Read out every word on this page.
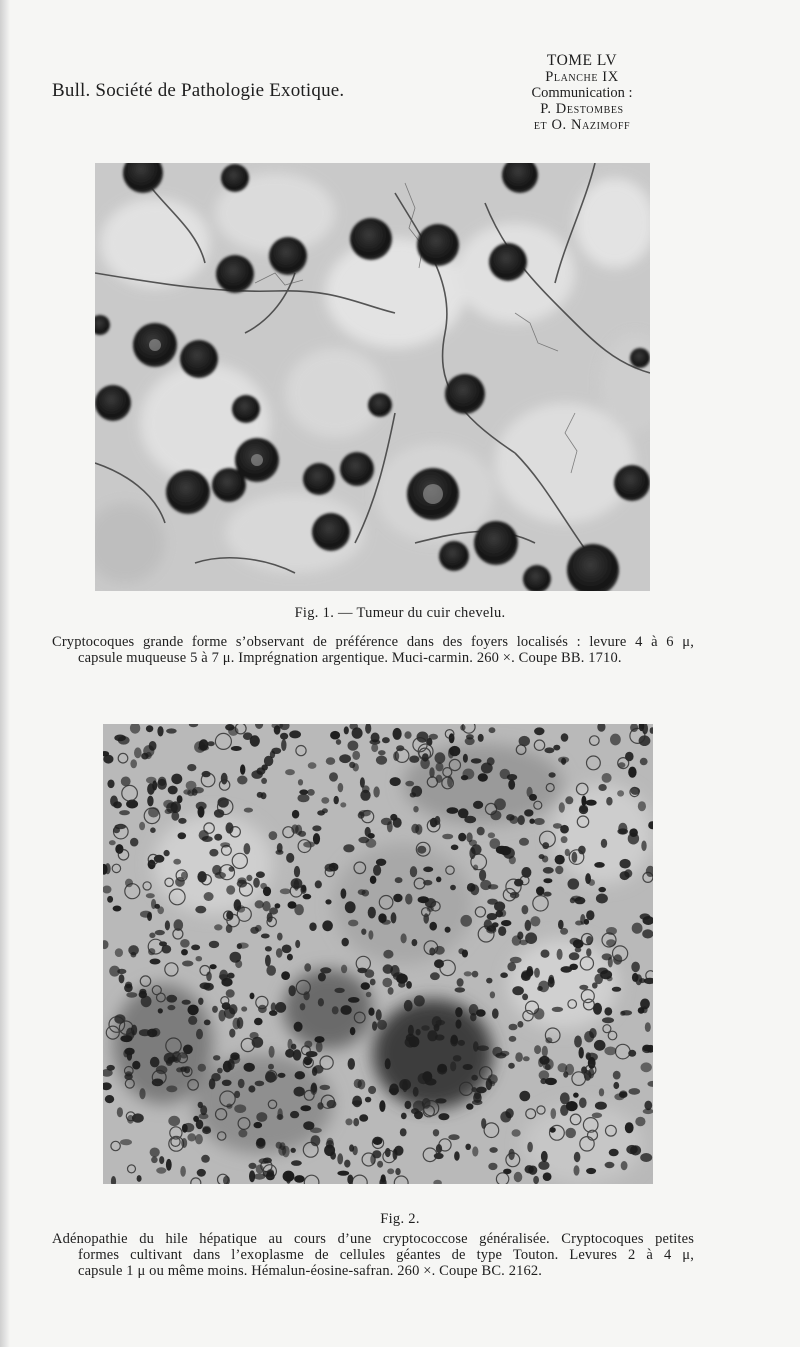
Bull. Société de Pathologie Exotique.
TOME LV
Planche IX
Communication :
P. Destombes
et O. Nazimoff
Fig. 1. — Tumeur du cuir chevelu.
Cryptocoques grande forme s’observant de préférence dans des foyers localisés : levure 4 à 6 μ,
capsule muqueuse 5 à 7 μ. Imprégnation argentique. Muci-carmin. 260 ×. Coupe BB. 1710.
Fig. 2.
Adénopathie du hile hépatique au cours d’une cryptococcose généralisée. Cryptocoques petites
formes cultivant dans l’exoplasme de cellules géantes de type Touton. Levures 2 à 4 μ,
capsule 1 μ ou même moins. Hémalun-éosine-safran. 260 ×. Coupe BC. 2162.
